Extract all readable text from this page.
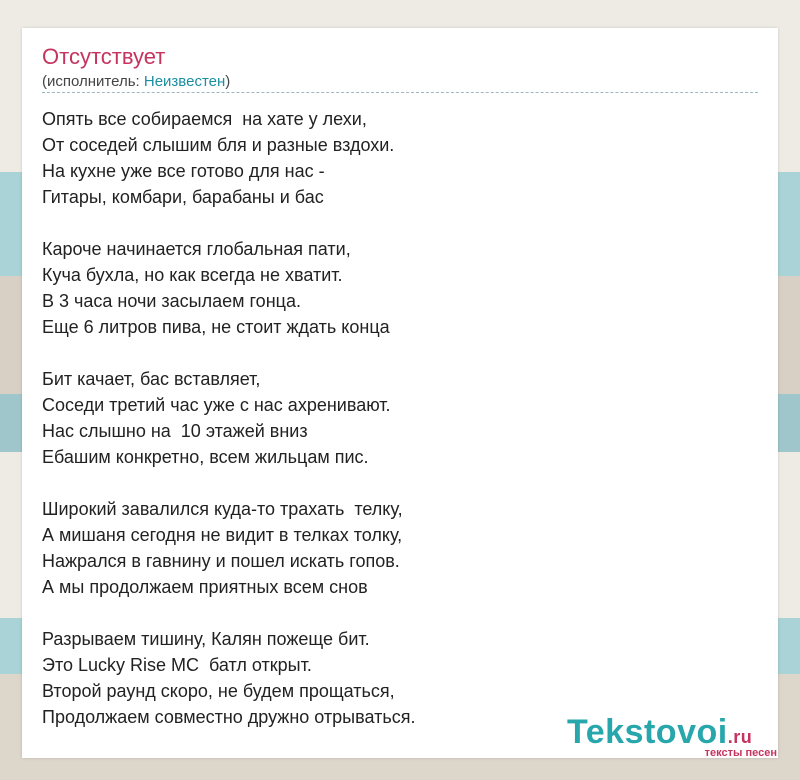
Отсутствует
(исполнитель: Неизвестен)
Опять все собираемся  на хате у лехи,
От соседей слышим бля и разные вздохи.
На кухне уже все готово для нас -
Гитары, комбари, барабаны и бас
Кароче начинается глобальная пати,
Куча бухла, но как всегда не хватит.
В 3 часа ночи засылаем гонца.
Еще 6 литров пива, не стоит ждать конца
Бит качает, бас вставляет,
Соседи третий час уже с нас ахренивают.
Нас слышно на  10 этажей вниз
Ебашим конкретно, всем жильцам пис.
Широкий завалился куда-то трахать  телку,
А мишаня сегодня не видит в телках толку,
Нажрался в гавнину и пошел искать гопов.
А мы продолжаем приятных всем снов
Разрываем тишину, Калян пожеще бит.
Это Lucky Rise MC  батл открыт.
Второй раунд скоро, не будем прощаться,
Продолжаем совместно дружно отрываться.	Tekstovoi.ru
тексты песен
